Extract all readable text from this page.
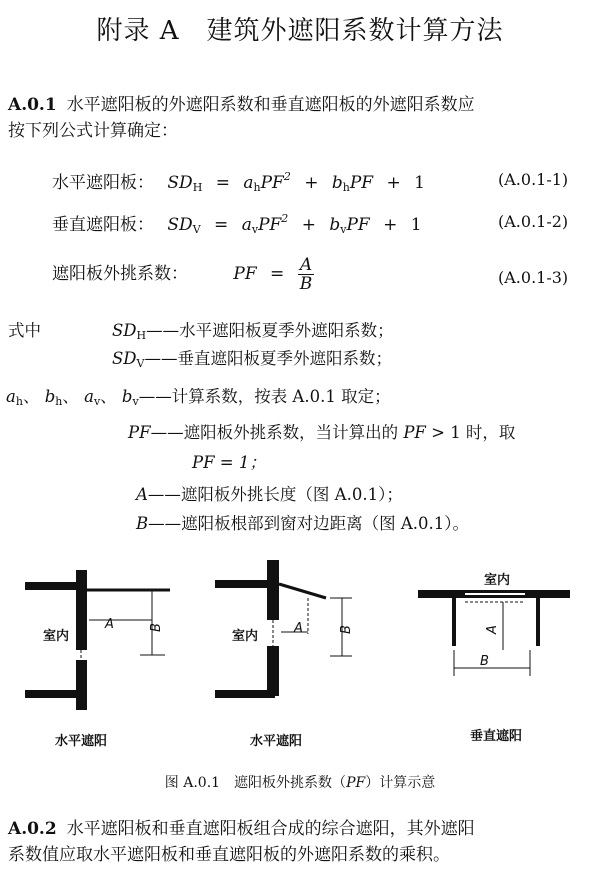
附录 A　建筑外遮阳系数计算方法
A.0.1 水平遮阳板的外遮阳系数和垂直遮阳板的外遮阳系数应
按下列公式计算确定：
水平遮阳板： $SD_H = a_hPF^2 + b_hPF + 1$	(A.0.1-1)
垂直遮阳板： $SD_V = a_vPF^2 + b_vPF + 1$	(A.0.1-2)
遮阳板外挑系数：	PF = $\frac{A}{B}$	(A.0.1-3)
式中	$SD_H——$水平遮阳板夏季外遮阳系数；
$SD_V——$垂直遮阳板夏季外遮阳系数；
$a_h$、 $b_h$、 $a_v$、 $b_v——$计算系数，按表 A.0.1 取定；
PF——遮阳板外挑系数，当计算出的 PF > 1 时，取
PF = 1；
A——遮阳板外挑长度（图 A.0.1）；
B——遮阳板根部到窗对边距离（图 A.0.1）。
室内
A	B
水平遮阳
室内
A	B
水平遮阳
室内
A
B
垂直遮阳
图 A.0.1　遮阳板外挑系数（PF）计算示意
A.0.2 水平遮阳板和垂直遮阳板组合成的综合遮阳，其外遮阳
系数值应取水平遮阳板和垂直遮阳板的外遮阳系数的乘积。
